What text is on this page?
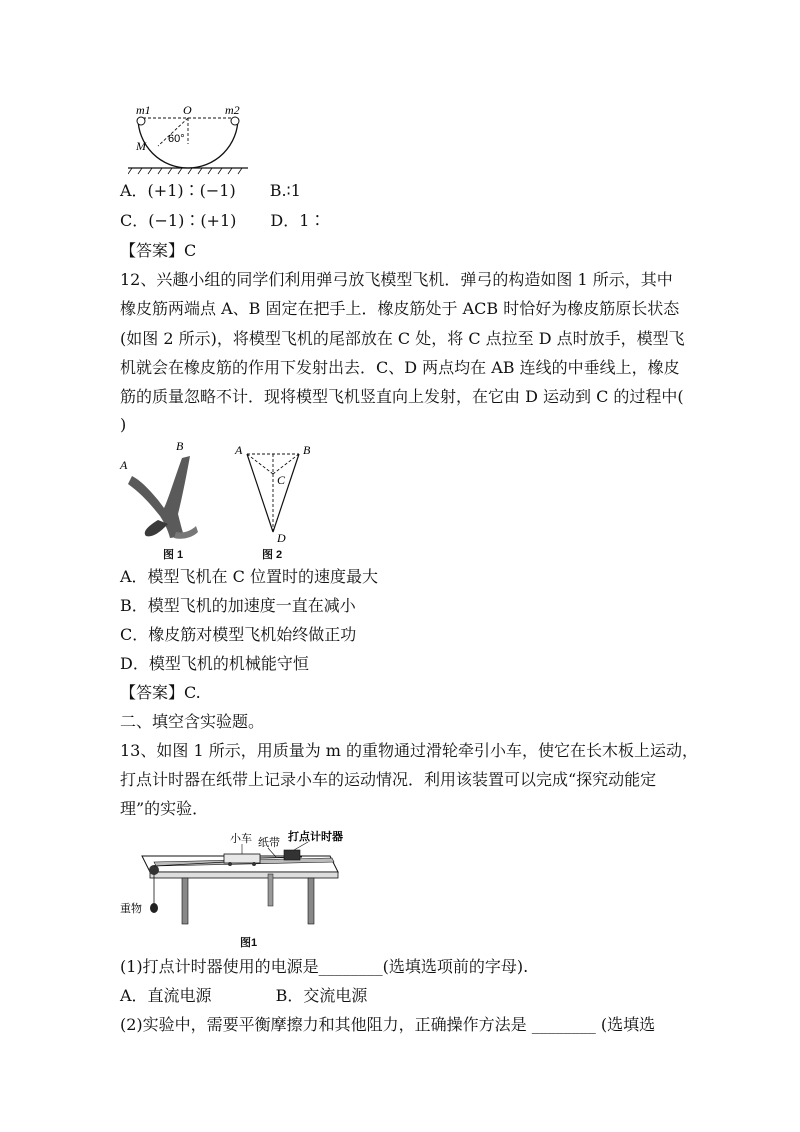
m1	O	m2
M 60°
A．(+1)∶(−1) B.∶1
C．(−1)∶(+1) D．1∶
【答案】C
12、兴趣小组的同学们利用弹弓放飞模型飞机．弹弓的构造如图 1 所示，其中
橡皮筋两端点 A、B 固定在把手上．橡皮筋处于 ACB 时恰好为橡皮筋原长状态
(如图 2 所示)，将模型飞机的尾部放在 C 处，将 C 点拉至 D 点时放手，模型飞
机就会在橡皮筋的作用下发射出去．C、D 两点均在 AB 连线的中垂线上，橡皮
筋的质量忽略不计．现将模型飞机竖直向上发射，在它由 D 运动到 C 的过程中(
)
A
B
图 1
A	B
C
D
图 2
A．模型飞机在 C 位置时的速度最大
B．模型飞机的加速度一直在减小
C．橡皮筋对模型飞机始终做正功
D．模型飞机的机械能守恒
【答案】C.
二、填空含实验题。
13、如图 1 所示，用质量为 m 的重物通过滑轮牵引小车，使它在长木板上运动，
打点计时器在纸带上记录小车的运动情况．利用该装置可以完成“探究动能定
理”的实验．
小车 纸带 打点计时器
重物
图1
(1)打点计时器使用的电源是________(选填选项前的字母).
A．直流电源	B．交流电源
(2)实验中，需要平衡摩擦力和其他阻力，正确操作方法是 ________ (选填选
